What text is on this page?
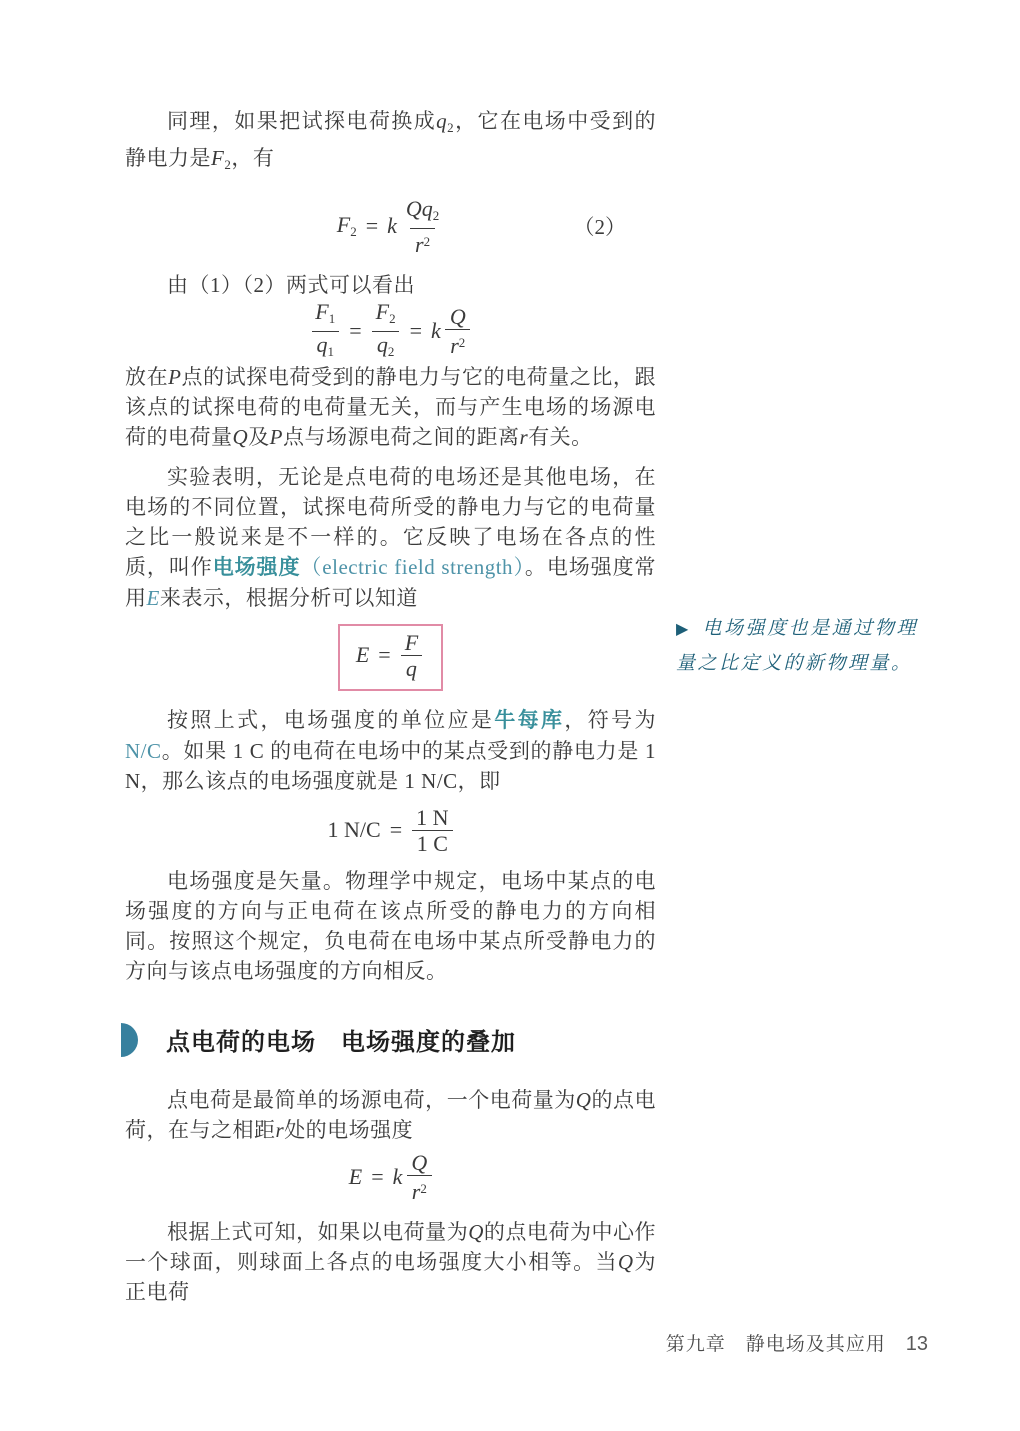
同理，如果把试探电荷换成$q_2$，它在电场中受到的静电力是$F_2$，有

$F_2 = k \frac{Qq_2}{r^2}$	（2）

由（1）（2）两式可以看出

$\frac{F_1}{q_1} = \frac{F_2}{q_2} = k \frac{Q}{r^2}$

放在P点的试探电荷受到的静电力与它的电荷量之比，跟该点的试探电荷的电荷量无关，而与产生电场的场源电荷的电荷量Q及P点与场源电荷之间的距离r有关。

实验表明，无论是点电荷的电场还是其他电场，在电场的不同位置，试探电荷所受的静电力与它的电荷量之比一般说来是不一样的。它反映了电场在各点的性质，叫作电场强度（electric field strength）。电场强度常用E来表示，根据分析可以知道

$E = \frac{F}{q}$

按照上式，电场强度的单位应是牛每库，符号为 N/C。如果 1 C 的电荷在电场中的某点受到的静电力是 1 N，那么该点的电场强度就是 1 N/C，即

1 $N/C = \frac{1 N}{1 C}$

电场强度是矢量。物理学中规定，电场中某点的电场强度的方向与正电荷在该点所受的静电力的方向相同。按照这个规定，负电荷在电场中某点所受静电力的方向与该点电场强度的方向相反。

点电荷的电场　电场强度的叠加

点电荷是最简单的场源电荷，一个电荷量为Q的点电荷，在与之相距r处的电场强度

E = k $\frac{Q}{r^2}$

根据上式可知，如果以电荷量为Q的点电荷为中心作一个球面，则球面上各点的电场强度大小相等。当Q为正电荷

▶ 电场强度也是通过物理量之比定义的新物理量。
第九章　静电场及其应用 13
